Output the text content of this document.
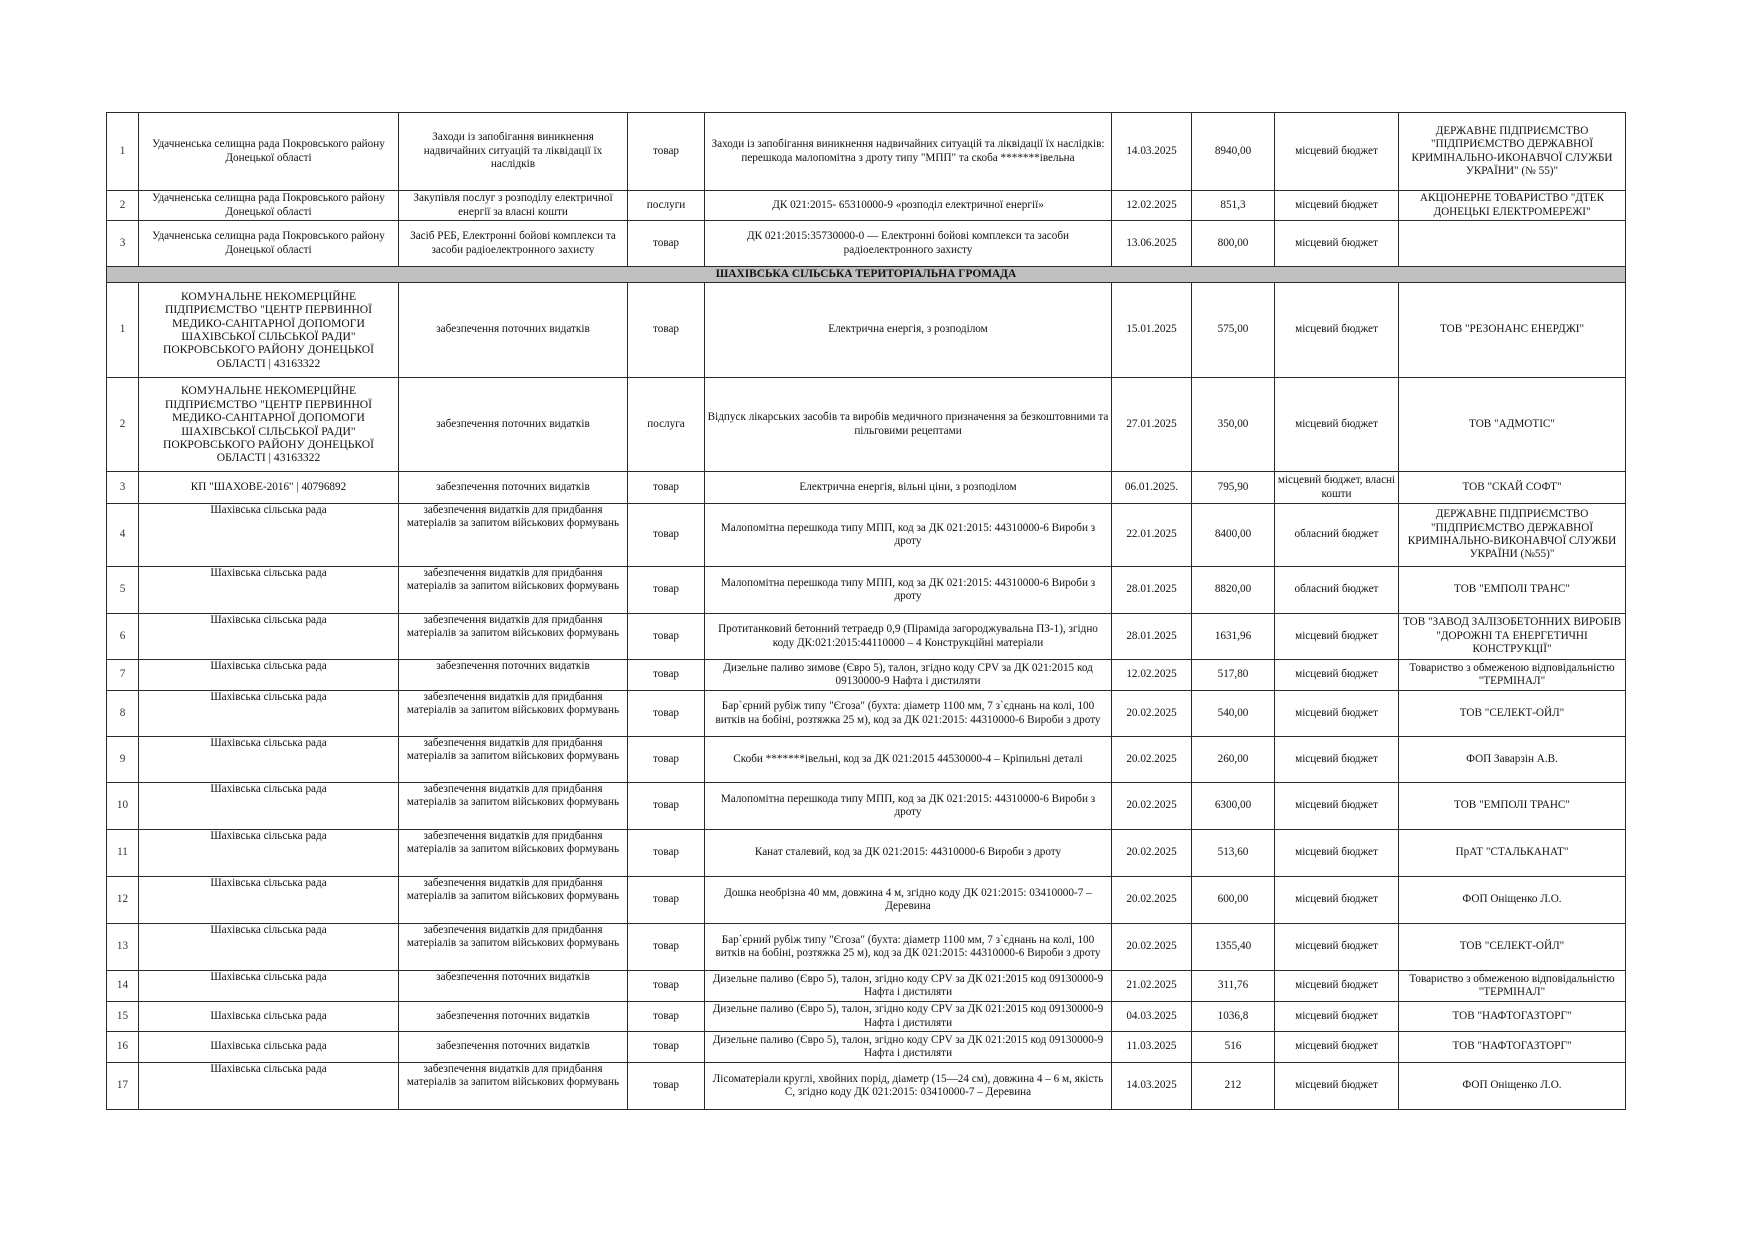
1	Удачненська селищна рада Покровського району Донецької області	Заходи із запобігання виникнення надвичайних ситуацій та ліквідації їх наслідків	товар	Заходи із запобігання виникнення надвичайних ситуацій та ліквідації їх наслідків: перешкода малопомітна з дроту типу "МПП" та скоба *******івельна	14.03.2025	8940,00	місцевий бюджет	ДЕРЖАВНЕ ПІДПРИЄМСТВО "ПІДПРИЄМСТВО ДЕРЖАВНОЇ КРИМІНАЛЬНО-ИКОНАВЧОЇ СЛУЖБИ УКРАЇНИ" (№ 55)"
2	Удачненська селищна рада Покровського району Донецької області	Закупівля послуг з розподілу електричної енергії за власні кошти	послуги	ДК 021:2015- 65310000-9 «розподіл електричної енергії»	12.02.2025	851,3	місцевий бюджет	АКЦІОНЕРНЕ ТОВАРИСТВО "ДТЕК ДОНЕЦЬКІ ЕЛЕКТРОМЕРЕЖІ"
3	Удачненська селищна рада Покровського району Донецької області	Засіб РЕБ, Електронні бойові комплекси та засоби радіоелектронного захисту	товар	ДК 021:2015:35730000-0 — Електронні бойові комплекси та засоби радіоелектронного захисту	13.06.2025	800,00	місцевий бюджет	
ШАХІВСЬКА СІЛЬСЬКА ТЕРИТОРІАЛЬНА ГРОМАДА								
1	КОМУНАЛЬНЕ НЕКОМЕРЦІЙНЕ ПІДПРИЄМСТВО "ЦЕНТР ПЕРВИННОЇ МЕДИКО-САНІТАРНОЇ ДОПОМОГИ ШАХІВСЬКОЇ СІЛЬСЬКОЇ РАДИ" ПОКРОВСЬКОГО РАЙОНУ ДОНЕЦЬКОЇ ОБЛАСТІ | 43163322	забезпечення поточних видатків	товар	Електрична енергія, з розподілом	15.01.2025	575,00	місцевий бюджет	ТОВ "РЕЗОНАНС ЕНЕРДЖІ"
2	КОМУНАЛЬНЕ НЕКОМЕРЦІЙНЕ ПІДПРИЄМСТВО "ЦЕНТР ПЕРВИННОЇ МЕДИКО-САНІТАРНОЇ ДОПОМОГИ ШАХІВСЬКОЇ СІЛЬСЬКОЇ РАДИ" ПОКРОВСЬКОГО РАЙОНУ ДОНЕЦЬКОЇ ОБЛАСТІ | 43163322	забезпечення поточних видатків	послуга	Відпуск лікарських засобів та виробів медичного призначення за безкоштовними та пільговими рецептами	27.01.2025	350,00	місцевий бюджет	ТОВ "АДМОТІС"
3	КП "ШАХОВЕ-2016" | 40796892	забезпечення поточних видатків	товар	Електрична енергія, вільні ціни, з розподілом	06.01.2025.	795,90	місцевий бюджет, власні кошти	ТОВ "СКАЙ СОФТ"
4	Шахівська сільська рада	забезпечення видатків для придбання матеріалів за запитом військових формувань	товар	Малопомітна перешкода типу МПП, код за ДК 021:2015: 44310000-6 Вироби з дроту	22.01.2025	8400,00	обласний бюджет	ДЕРЖАВНЕ ПІДПРИЄМСТВО "ПІДПРИЄМСТВО ДЕРЖАВНОЇ КРИМІНАЛЬНО-ВИКОНАВЧОЇ СЛУЖБИ УКРАЇНИ (№55)"
5	Шахівська сільська рада	забезпечення видатків для придбання матеріалів за запитом військових формувань	товар	Малопомітна перешкода типу МПП, код за ДК 021:2015: 44310000-6 Вироби з дроту	28.01.2025	8820,00	обласний бюджет	ТОВ "ЕМПОЛІ ТРАНС"
6	Шахівська сільська рада	забезпечення видатків для придбання матеріалів за запитом військових формувань	товар	Протитанковий бетонний тетраедр 0,9 (Піраміда загороджувальна ПЗ-1), згідно коду ДК:021:2015:44110000 – 4 Конструкційні матеріали	28.01.2025	1631,96	місцевий бюджет	ТОВ "ЗАВОД ЗАЛІЗОБЕТОННИХ ВИРОБІВ "ДОРОЖНІ ТА ЕНЕРГЕТИЧНІ КОНСТРУКЦІЇ"
7	Шахівська сільська рада	забезпечення поточних видатків	товар	Дизельне паливо зимове (Євро 5), талон, згідно коду CPV за ДК 021:2015 код 09130000-9 Нафта і дистиляти	12.02.2025	517,80	місцевий бюджет	Товариство з обмеженою відповідальністю "ТЕРМІНАЛ"
8	Шахівська сільська рада	забезпечення видатків для придбання матеріалів за запитом військових формувань	товар	Бар`єрний рубіж типу "Єгоза" (бухта: діаметр 1100 мм, 7 з`єднань на колі, 100 витків на бобіні, розтяжка 25 м), код за ДК 021:2015: 44310000-6 Вироби з дроту	20.02.2025	540,00	місцевий бюджет	ТОВ "СЕЛЕКТ-ОЙЛ"
9	Шахівська сільська рада	забезпечення видатків для придбання матеріалів за запитом військових формувань	товар	Скоби *******івельні, код за ДК 021:2015 44530000-4 – Кріпильні деталі	20.02.2025	260,00	місцевий бюджет	ФОП Заварзін А.В.
10	Шахівська сільська рада	забезпечення видатків для придбання матеріалів за запитом військових формувань	товар	Малопомітна перешкода типу МПП, код за ДК 021:2015: 44310000-6 Вироби з дроту	20.02.2025	6300,00	місцевий бюджет	ТОВ "ЕМПОЛІ ТРАНС"
11	Шахівська сільська рада	забезпечення видатків для придбання матеріалів за запитом військових формувань	товар	Канат сталевий, код за ДК 021:2015: 44310000-6 Вироби з дроту	20.02.2025	513,60	місцевий бюджет	ПрАТ "СТАЛЬКАНАТ"
12	Шахівська сільська рада	забезпечення видатків для придбання матеріалів за запитом військових формувань	товар	Дошка необрізна 40 мм, довжина 4 м, згідно коду ДК 021:2015: 03410000-7 – Деревина	20.02.2025	600,00	місцевий бюджет	ФОП Оніщенко Л.О.
13	Шахівська сільська рада	забезпечення видатків для придбання матеріалів за запитом військових формувань	товар	Бар`єрний рубіж типу "Єгоза" (бухта: діаметр 1100 мм, 7 з`єднань на колі, 100 витків на бобіні, розтяжка 25 м), код за ДК 021:2015: 44310000-6 Вироби з дроту	20.02.2025	1355,40	місцевий бюджет	ТОВ "СЕЛЕКТ-ОЙЛ"
14	Шахівська сільська рада	забезпечення поточних видатків	товар	Дизельне паливо (Євро 5), талон, згідно коду CPV за ДК 021:2015 код 09130000-9 Нафта і дистиляти	21.02.2025	311,76	місцевий бюджет	Товариство з обмеженою відповідальністю "ТЕРМІНАЛ"
15	Шахівська сільська рада	забезпечення поточних видатків	товар	Дизельне паливо (Євро 5), талон, згідно коду CPV за ДК 021:2015 код 09130000-9 Нафта і дистиляти	04.03.2025	1036,8	місцевий бюджет	ТОВ "НАФТОГАЗТОРГ"
16	Шахівська сільська рада	забезпечення поточних видатків	товар	Дизельне паливо (Євро 5), талон, згідно коду CPV за ДК 021:2015 код 09130000-9 Нафта і дистиляти	11.03.2025	516	місцевий бюджет	ТОВ "НАФТОГАЗТОРГ"
17	Шахівська сільська рада	забезпечення видатків для придбання матеріалів за запитом військових формувань	товар	Лісоматеріали круглі, хвойних порід, діаметр (15—24 см), довжина 4 – 6 м, якість С, згідно коду ДК 021:2015: 03410000-7 – Деревина	14.03.2025	212	місцевий бюджет	ФОП Оніщенко Л.О.
